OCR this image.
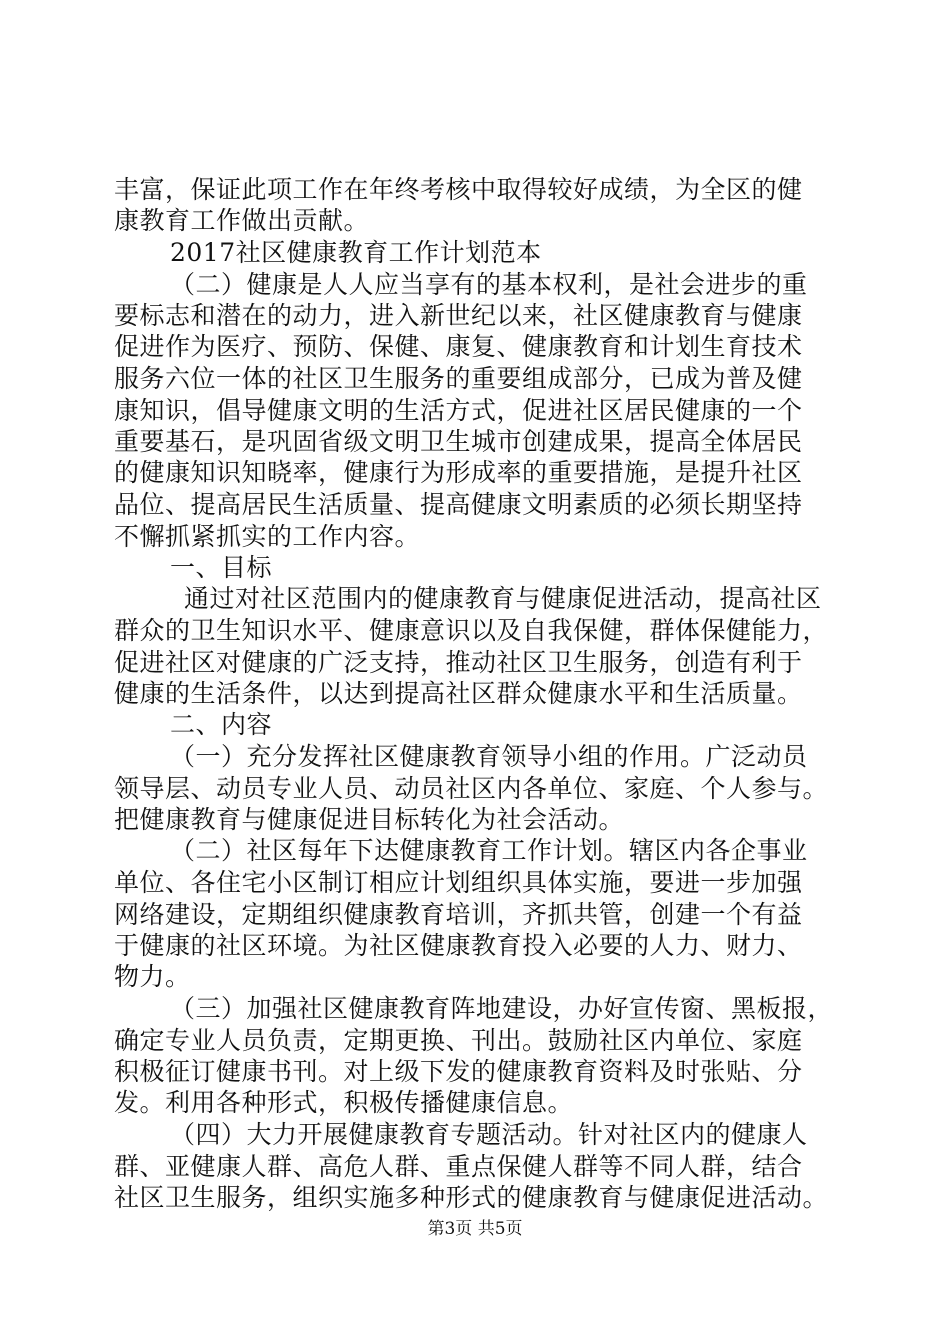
丰富，保证此项工作在年终考核中取得较好成绩，为全区的健

康教育工作做出贡献。

2017社区健康教育工作计划范本

（二）健康是人人应当享有的基本权利，是社会进步的重

要标志和潜在的动力，进入新世纪以来，社区健康教育与健康

促进作为医疗、预防、保健、康复、健康教育和计划生育技术

服务六位一体的社区卫生服务的重要组成部分，已成为普及健

康知识，倡导健康文明的生活方式，促进社区居民健康的一个

重要基石，是巩固省级文明卫生城市创建成果，提高全体居民

的健康知识知晓率，健康行为形成率的重要措施，是提升社区

品位、提高居民生活质量、提高健康文明素质的必须长期坚持

不懈抓紧抓实的工作内容。

一、目标

通过对社区范围内的健康教育与健康促进活动，提高社区

群众的卫生知识水平、健康意识以及自我保健，群体保健能力，

促进社区对健康的广泛支持，推动社区卫生服务，创造有利于

健康的生活条件，以达到提高社区群众健康水平和生活质量。

二、内容

（一）充分发挥社区健康教育领导小组的作用。广泛动员

领导层、动员专业人员、动员社区内各单位、家庭、个人参与。

把健康教育与健康促进目标转化为社会活动。

（二）社区每年下达健康教育工作计划。辖区内各企事业

单位、各住宅小区制订相应计划组织具体实施，要进一步加强

网络建设，定期组织健康教育培训，齐抓共管，创建一个有益

于健康的社区环境。为社区健康教育投入必要的人力、财力、

物力。

（三）加强社区健康教育阵地建设，办好宣传窗、黑板报，

确定专业人员负责，定期更换、刊出。鼓励社区内单位、家庭

积极征订健康书刊。对上级下发的健康教育资料及时张贴、分

发。利用各种形式，积极传播健康信息。

（四）大力开展健康教育专题活动。针对社区内的健康人

群、亚健康人群、高危人群、重点保健人群等不同人群，结合

社区卫生服务，组织实施多种形式的健康教育与健康促进活动。

第3页 共5页
